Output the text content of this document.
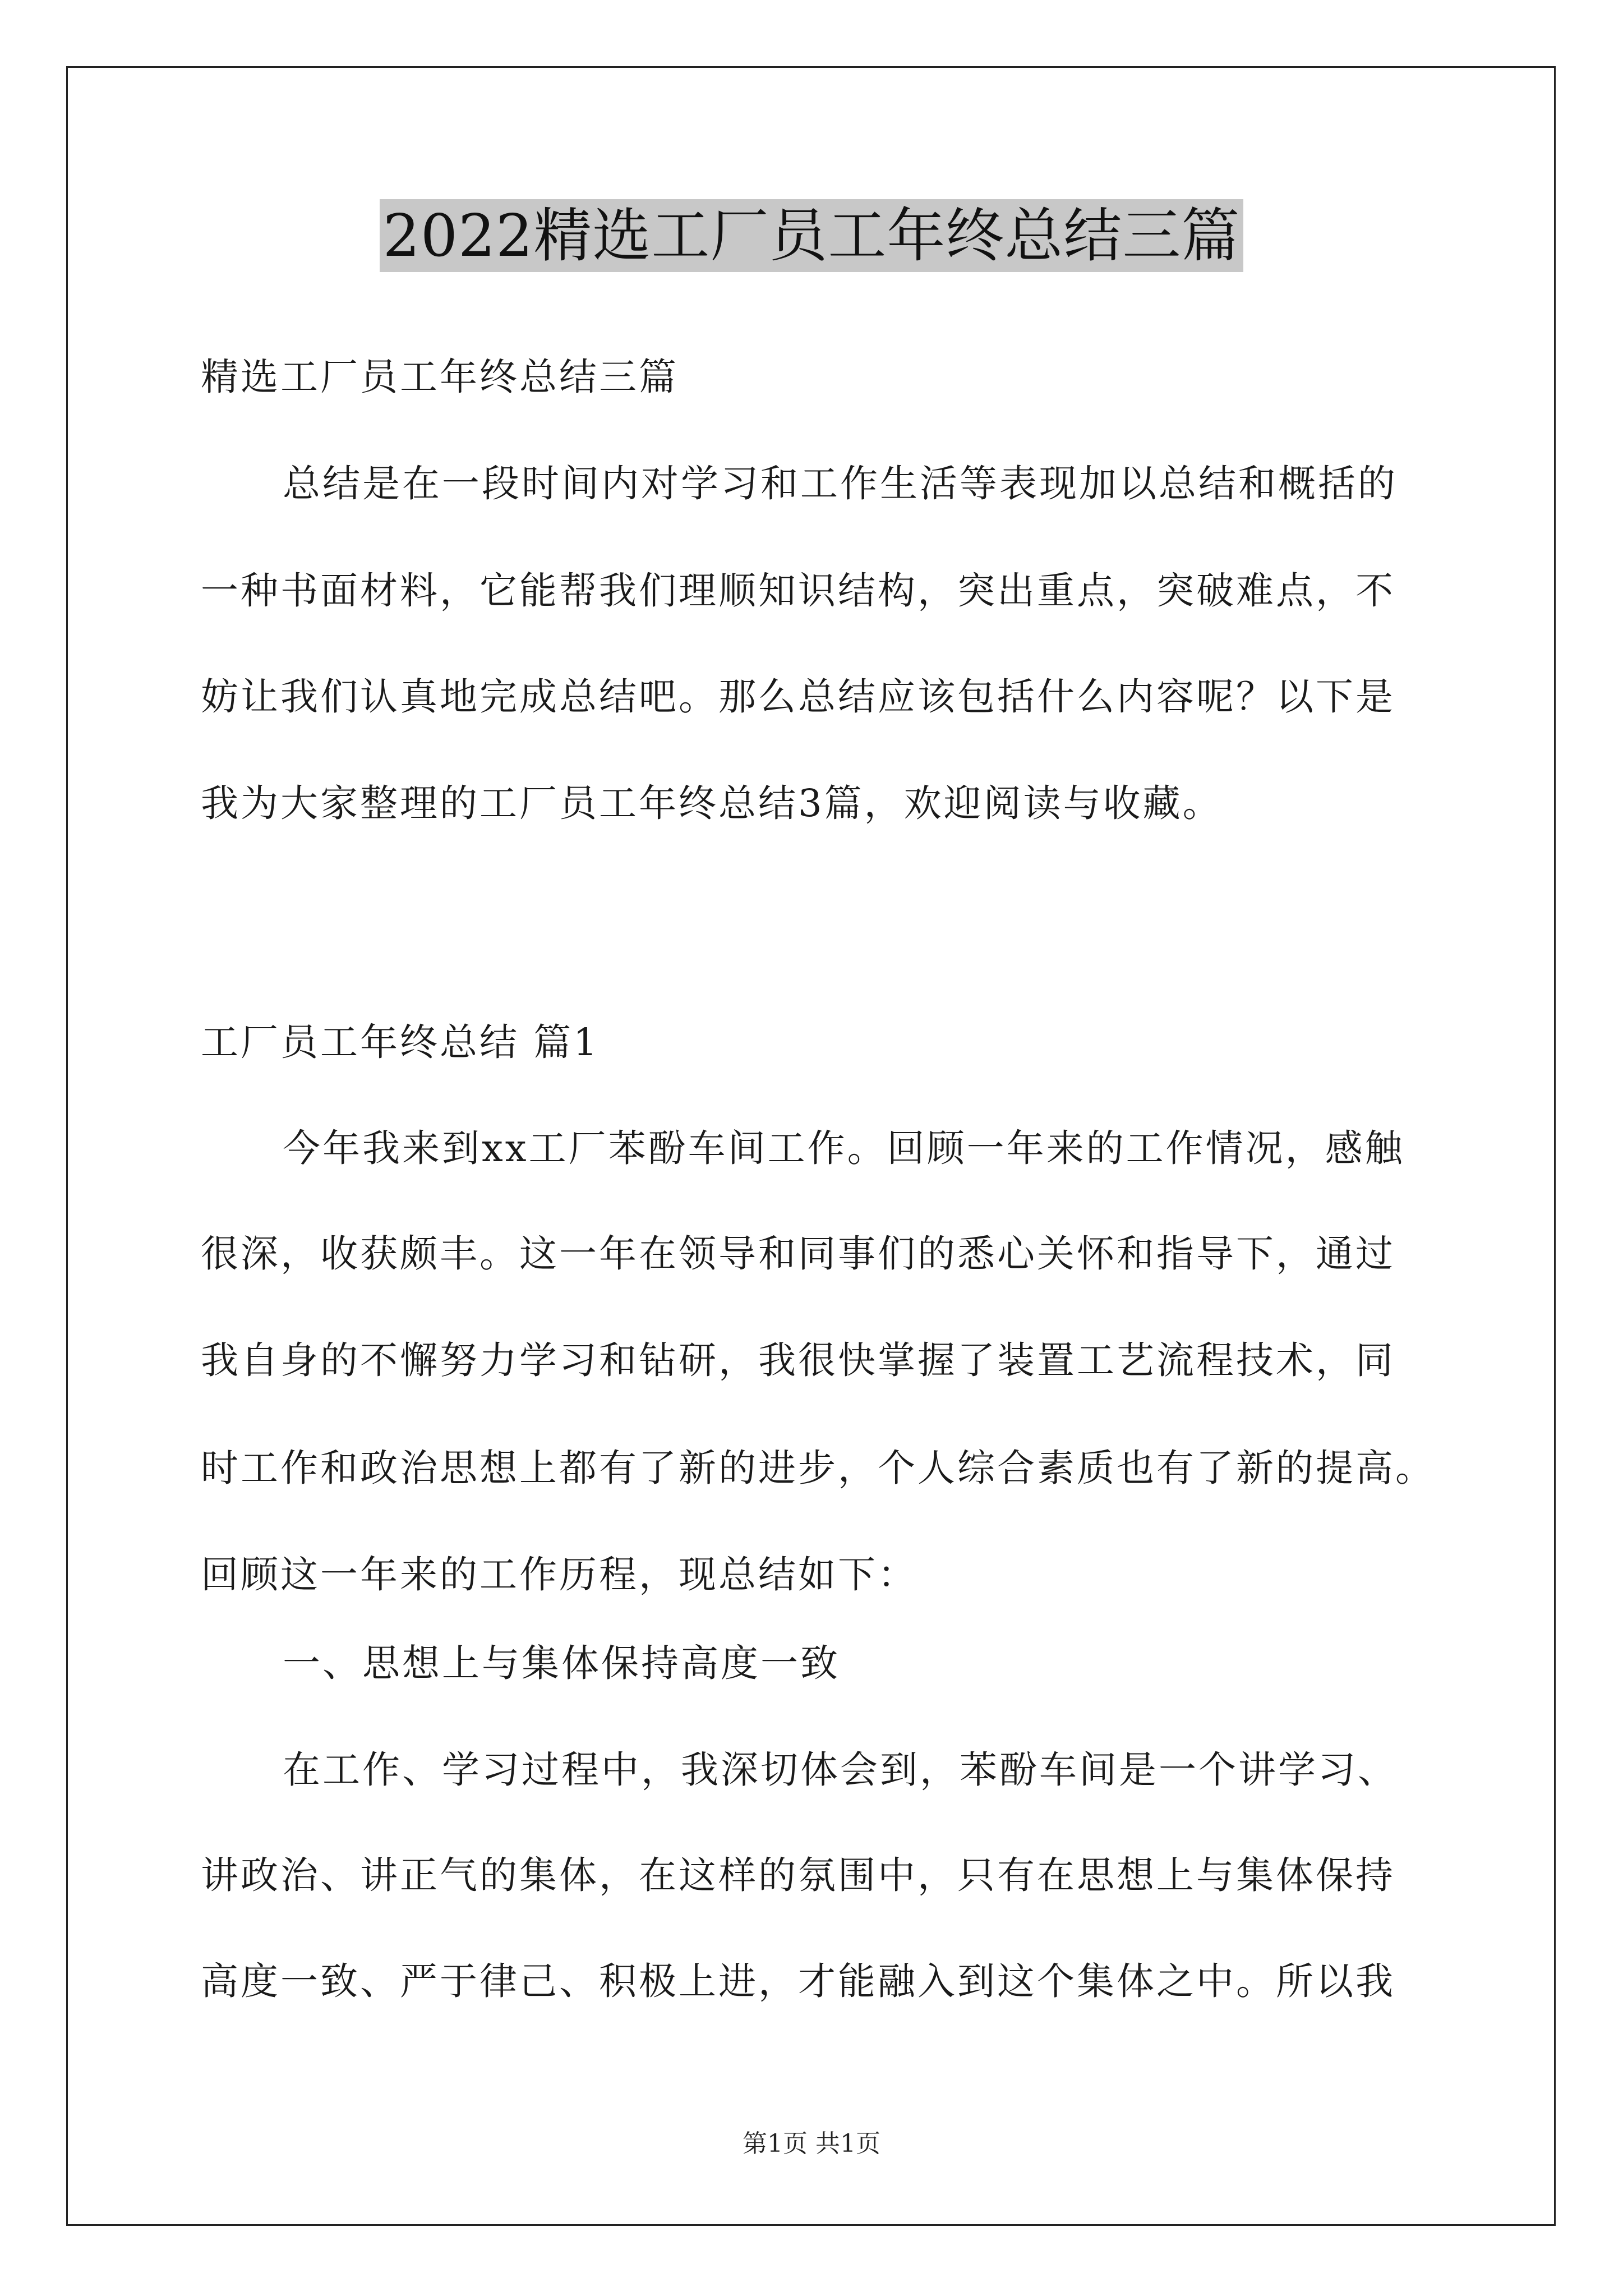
2022精选工厂员工年终总结三篇
精选工厂员工年终总结三篇
总结是在一段时间内对学习和工作生活等表现加以总结和概括的
一种书面材料，它能帮我们理顺知识结构，突出重点，突破难点，不
妨让我们认真地完成总结吧。那么总结应该包括什么内容呢？以下是
我为大家整理的工厂员工年终总结3篇，欢迎阅读与收藏。
工厂员工年终总结 篇1
今年我来到xx工厂苯酚车间工作。回顾一年来的工作情况，感触
很深，收获颇丰。这一年在领导和同事们的悉心关怀和指导下，通过
我自身的不懈努力学习和钻研，我很快掌握了装置工艺流程技术，同
时工作和政治思想上都有了新的进步，个人综合素质也有了新的提高。
回顾这一年来的工作历程，现总结如下：
一、思想上与集体保持高度一致
在工作、学习过程中，我深切体会到，苯酚车间是一个讲学习、
讲政治、讲正气的集体，在这样的氛围中，只有在思想上与集体保持
高度一致、严于律己、积极上进，才能融入到这个集体之中。所以我
第1页 共1页
